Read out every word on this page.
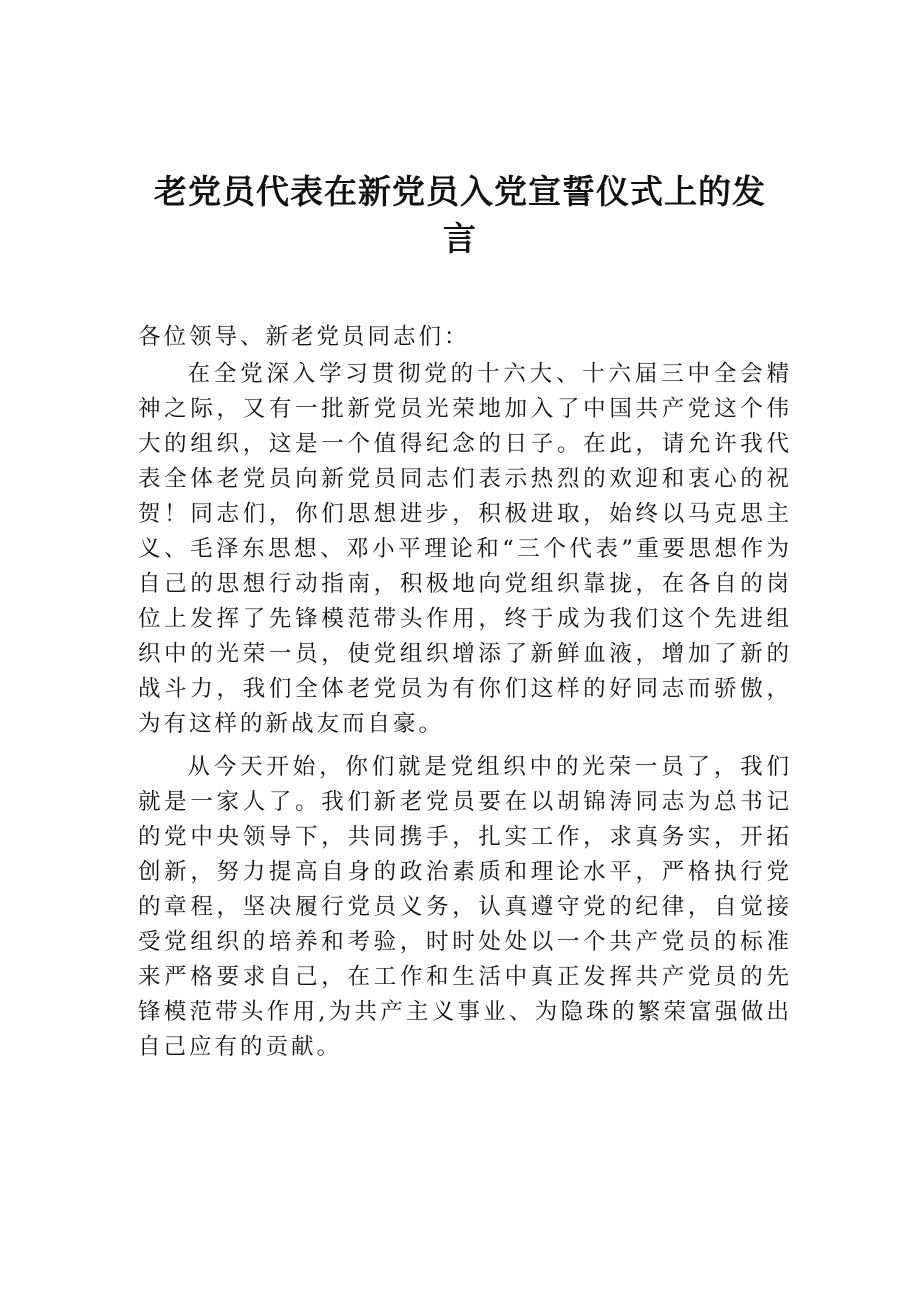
老党员代表在新党员入党宣誓仪式上的发言

各位领导、新老党员同志们：

在全党深入学习贯彻党的十六大、十六届三中全会精神之际，又有一批新党员光荣地加入了中国共产党这个伟大的组织，这是一个值得纪念的日子。在此，请允许我代表全体老党员向新党员同志们表示热烈的欢迎和衷心的祝贺！同志们，你们思想进步，积极进取，始终以马克思主义、毛泽东思想、邓小平理论和“三个代表”重要思想作为自己的思想行动指南，积极地向党组织靠拢，在各自的岗位上发挥了先锋模范带头作用，终于成为我们这个先进组织中的光荣一员，使党组织增添了新鲜血液，增加了新的战斗力，我们全体老党员为有你们这样的好同志而骄傲，为有这样的新战友而自豪。

从今天开始，你们就是党组织中的光荣一员了，我们就是一家人了。我们新老党员要在以胡锦涛同志为总书记的党中央领导下，共同携手，扎实工作，求真务实，开拓创新，努力提高自身的政治素质和理论水平，严格执行党的章程，坚决履行党员义务，认真遵守党的纪律，自觉接受党组织的培养和考验，时时处处以一个共产党员的标准来严格要求自己，在工作和生活中真正发挥共产党员的先锋模范带头作用,为共产主义事业、为隐珠的繁荣富强做出自己应有的贡献。
